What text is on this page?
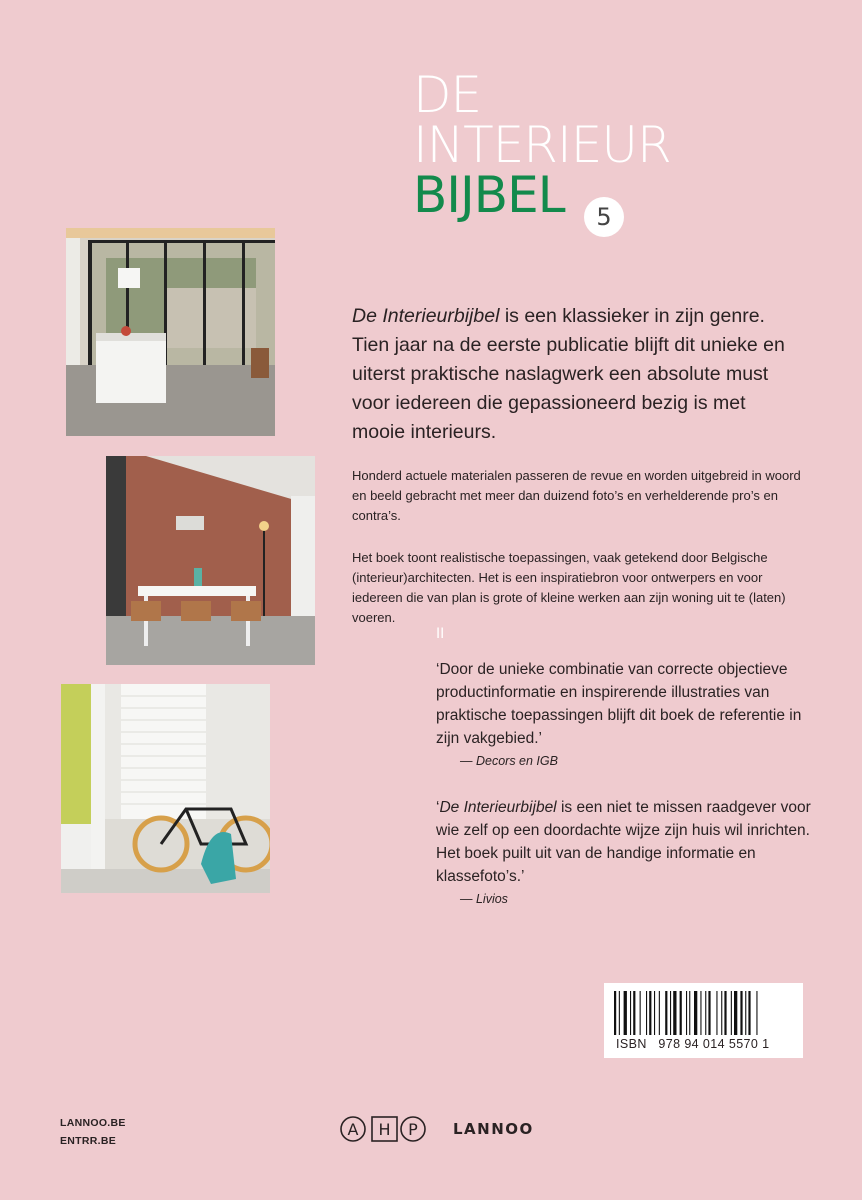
DE
INTERIEUR
BIJBEL	5

De Interieurbijbel is een klassieker in zijn genre. Tien jaar na de eerste publicatie blijft dit unieke en uiterst praktische naslagwerk een absolute must voor iedereen die gepassioneerd bezig is met mooie interieurs.

Honderd actuele materialen passeren de revue en worden uitgebreid in woord en beeld gebracht met meer dan duizend foto’s en verhelderende pro’s en contra’s.

Het boek toont realistische toepassingen, vaak getekend door Belgische (interieur)architecten. Het is een inspiratiebron voor ontwerpers en voor iedereen die van plan is grote of kleine werken aan zijn woning uit te (laten) voeren.

II

‘Door de unieke combinatie van correcte objectieve productinformatie en inspirerende illustraties van praktische toepassingen blijft dit boek de referentie in zijn vakgebied.’

— Decors en IGB

‘De Interieurbijbel is een niet te missen raadgever voor wie zelf op een doordachte wijze zijn huis wil inrichten. Het boek puilt uit van de handige informatie en klassefoto’s.’

— Livios
ISBN 978 94 014 5570 1
LANNOO.BE
ENTRR.BE
A H P LANNOO
